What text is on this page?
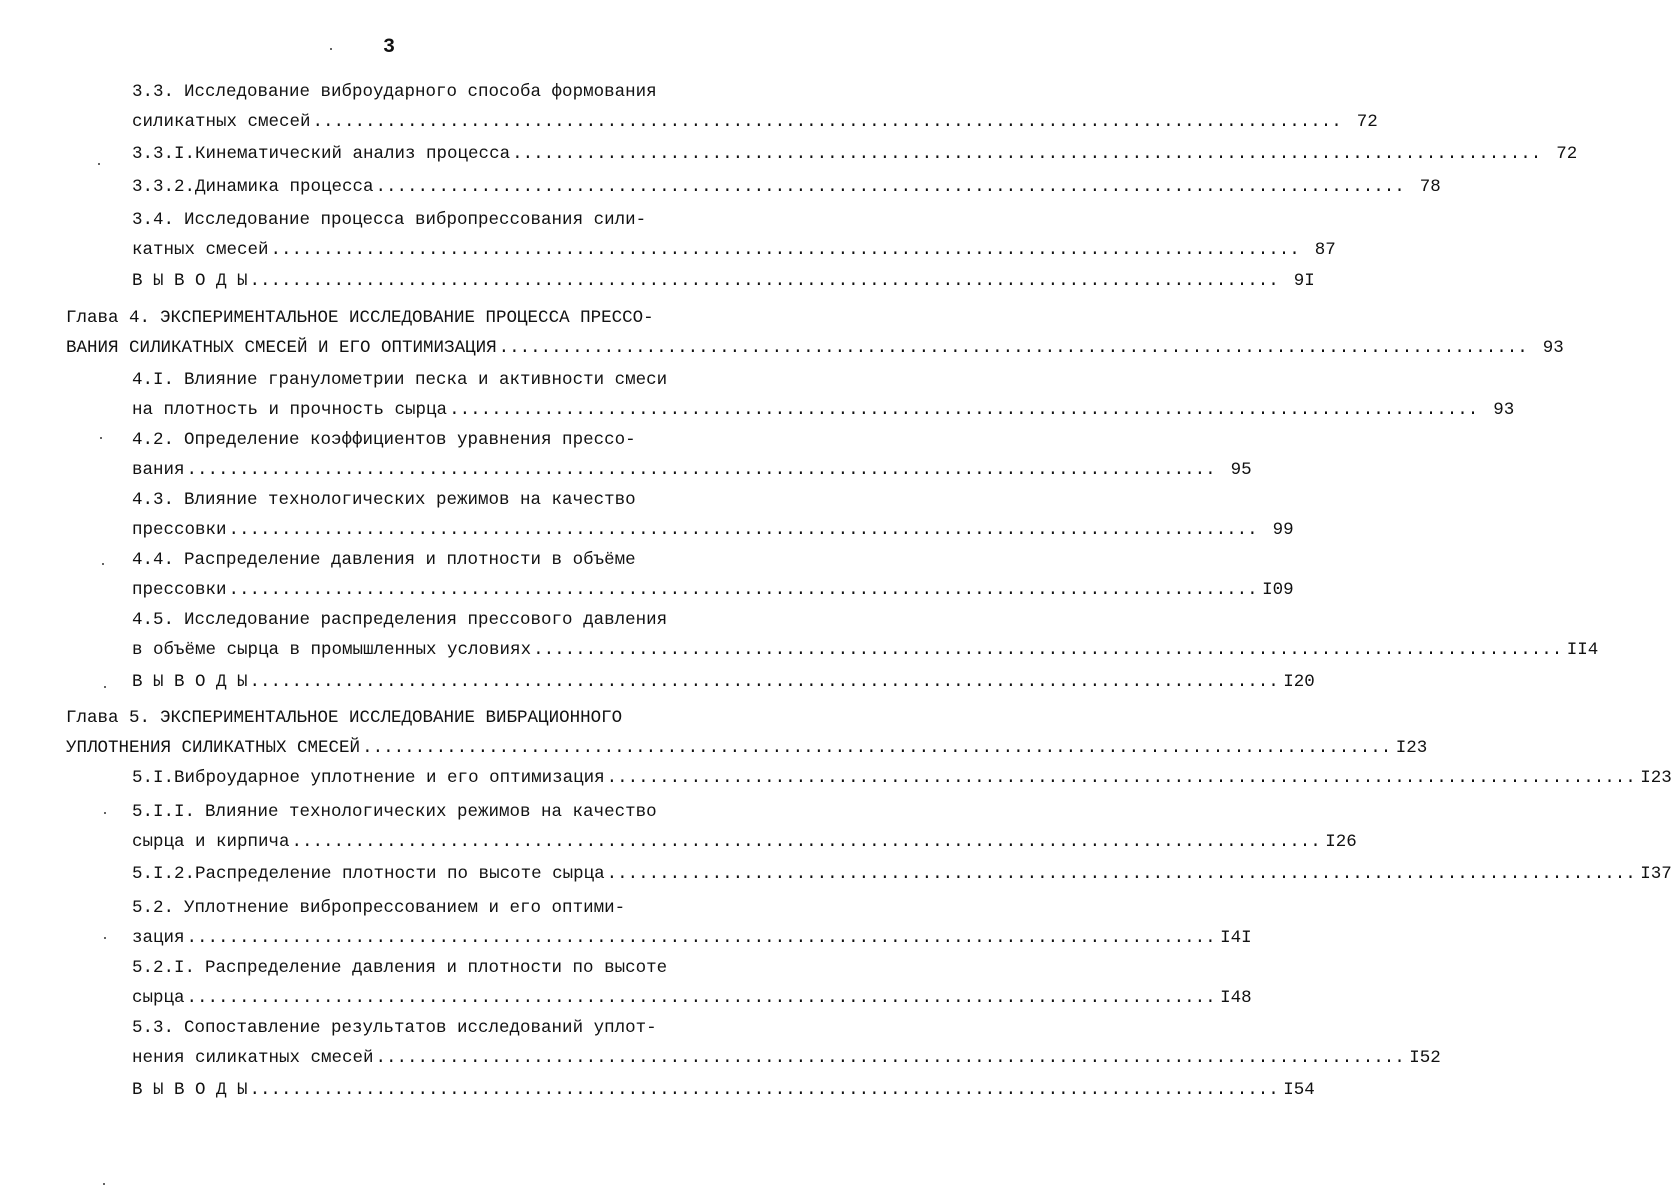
3
3.3. Исследование виброударного способа формования
силикатных смесей .................................................................................................. 72
3.3.I. Кинематический анализ процесса .................................................................................................. 72
3.3.2. Динамика процесса .................................................................................................. 78
3.4. Исследование процесса вибропрессования сили-
катных смесей .................................................................................................. 87
В Ы В О Д Ы .................................................................................................. 9I
Глава 4. ЭКСПЕРИМЕНТАЛЬНОЕ ИССЛЕДОВАНИЕ ПРОЦЕССА ПРЕССО-
ВАНИЯ СИЛИКАТНЫХ СМЕСЕЙ И ЕГО ОПТИМИЗАЦИЯ .................................................................................................. 93
4.I. Влияние гранулометрии песка и активности смеси
на плотность и прочность сырца .................................................................................................. 93
4.2. Определение коэффициентов уравнения прессо-
вания .................................................................................................. 95
4.3. Влияние технологических режимов на качество
прессовки .................................................................................................. 99
4.4. Распределение давления и плотности в объёме
прессовки .................................................................................................. I09
4.5. Исследование распределения прессового давления
в объёме сырца в промышленных условиях .................................................................................................. II4
В Ы В О Д Ы .................................................................................................. I20
Глава 5. ЭКСПЕРИМЕНТАЛЬНОЕ ИССЛЕДОВАНИЕ ВИБРАЦИОННОГО
УПЛОТНЕНИЯ СИЛИКАТНЫХ СМЕСЕЙ .................................................................................................. I23
5.I. Виброударное уплотнение и его оптимизация .................................................................................................. I23
5.I.I. Влияние технологических режимов на качество
сырца и кирпича .................................................................................................. I26
5.I.2. Распределение плотности по высоте сырца .................................................................................................. I37
5.2. Уплотнение вибропрессованием и его оптими-
зация .................................................................................................. I4I
5.2.I. Распределение давления и плотности по высоте
сырца .................................................................................................. I48
5.3. Сопоставление результатов исследований уплот-
нения силикатных смесей .................................................................................................. I52
В Ы В О Д Ы .................................................................................................. I54
